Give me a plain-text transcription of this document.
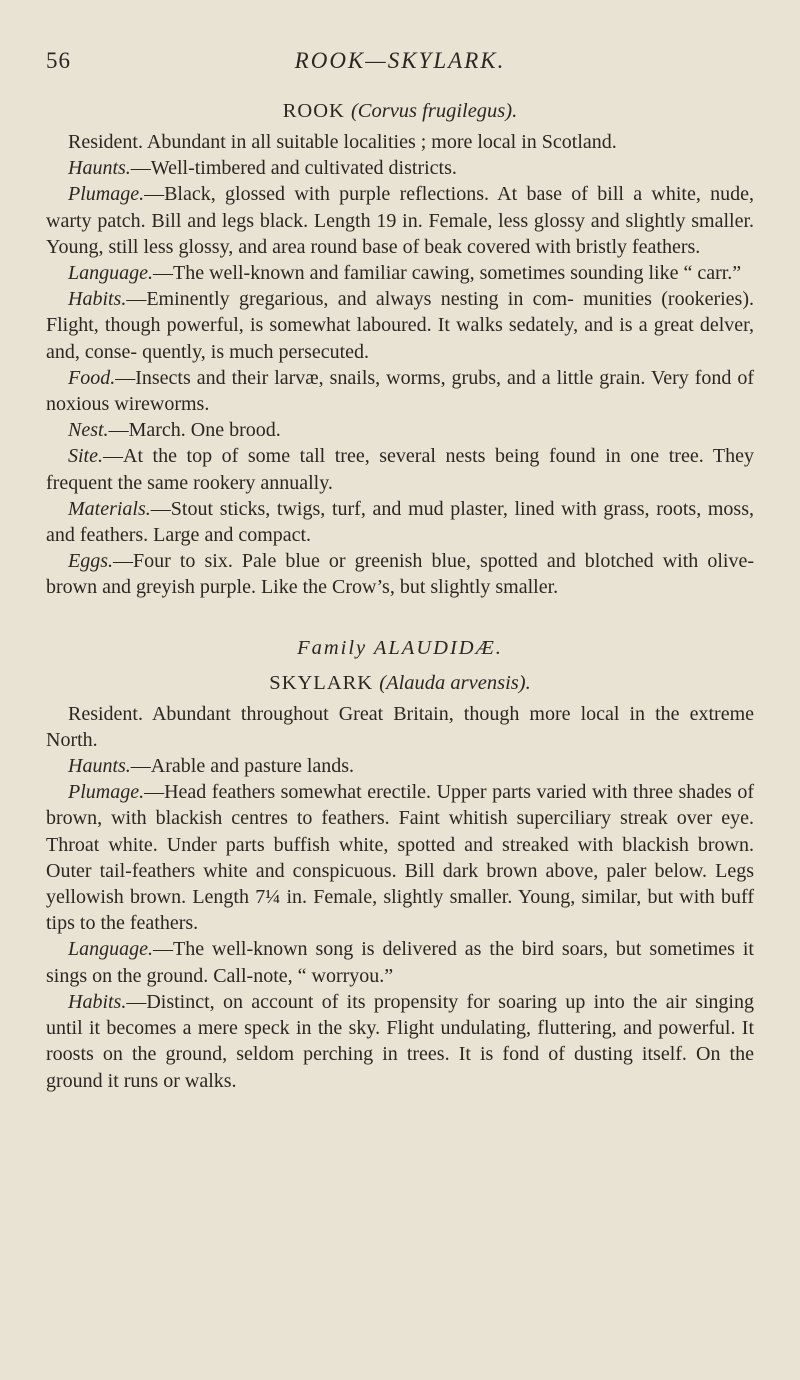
56	ROOK—SKYLARK.
ROOK (Corvus frugilegus).

Resident. Abundant in all suitable localities ; more local in Scotland.

Haunts.—Well-timbered and cultivated districts.

Plumage.—Black, glossed with purple reflections. At base of bill a white, nude, warty patch. Bill and legs black. Length 19 in. Female, less glossy and slightly smaller. Young, still less glossy, and area round base of beak covered with bristly feathers.

Language.—The well-known and familiar cawing, sometimes sounding like “ carr.”

Habits.—Eminently gregarious, and always nesting in com- munities (rookeries). Flight, though powerful, is somewhat laboured. It walks sedately, and is a great delver, and, conse- quently, is much persecuted.

Food.—Insects and their larvæ, snails, worms, grubs, and a little grain. Very fond of noxious wireworms.

Nest.—March. One brood.

Site.—At the top of some tall tree, several nests being found in one tree. They frequent the same rookery annually.

Materials.—Stout sticks, twigs, turf, and mud plaster, lined with grass, roots, moss, and feathers. Large and compact.

Eggs.—Four to six. Pale blue or greenish blue, spotted and blotched with olive-brown and greyish purple. Like the Crow’s, but slightly smaller.

Family ALAUDIDÆ.
SKYLARK (Alauda arvensis).

Resident. Abundant throughout Great Britain, though more local in the extreme North.

Haunts.—Arable and pasture lands.

Plumage.—Head feathers somewhat erectile. Upper parts varied with three shades of brown, with blackish centres to feathers. Faint whitish superciliary streak over eye. Throat white. Under parts buffish white, spotted and streaked with blackish brown. Outer tail-feathers white and conspicuous. Bill dark brown above, paler below. Legs yellowish brown. Length 7¼ in. Female, slightly smaller. Young, similar, but with buff tips to the feathers.

Language.—The well-known song is delivered as the bird soars, but sometimes it sings on the ground. Call-note, “ worryou.”

Habits.—Distinct, on account of its propensity for soaring up into the air singing until it becomes a mere speck in the sky. Flight undulating, fluttering, and powerful. It roosts on the ground, seldom perching in trees. It is fond of dusting itself. On the ground it runs or walks.
